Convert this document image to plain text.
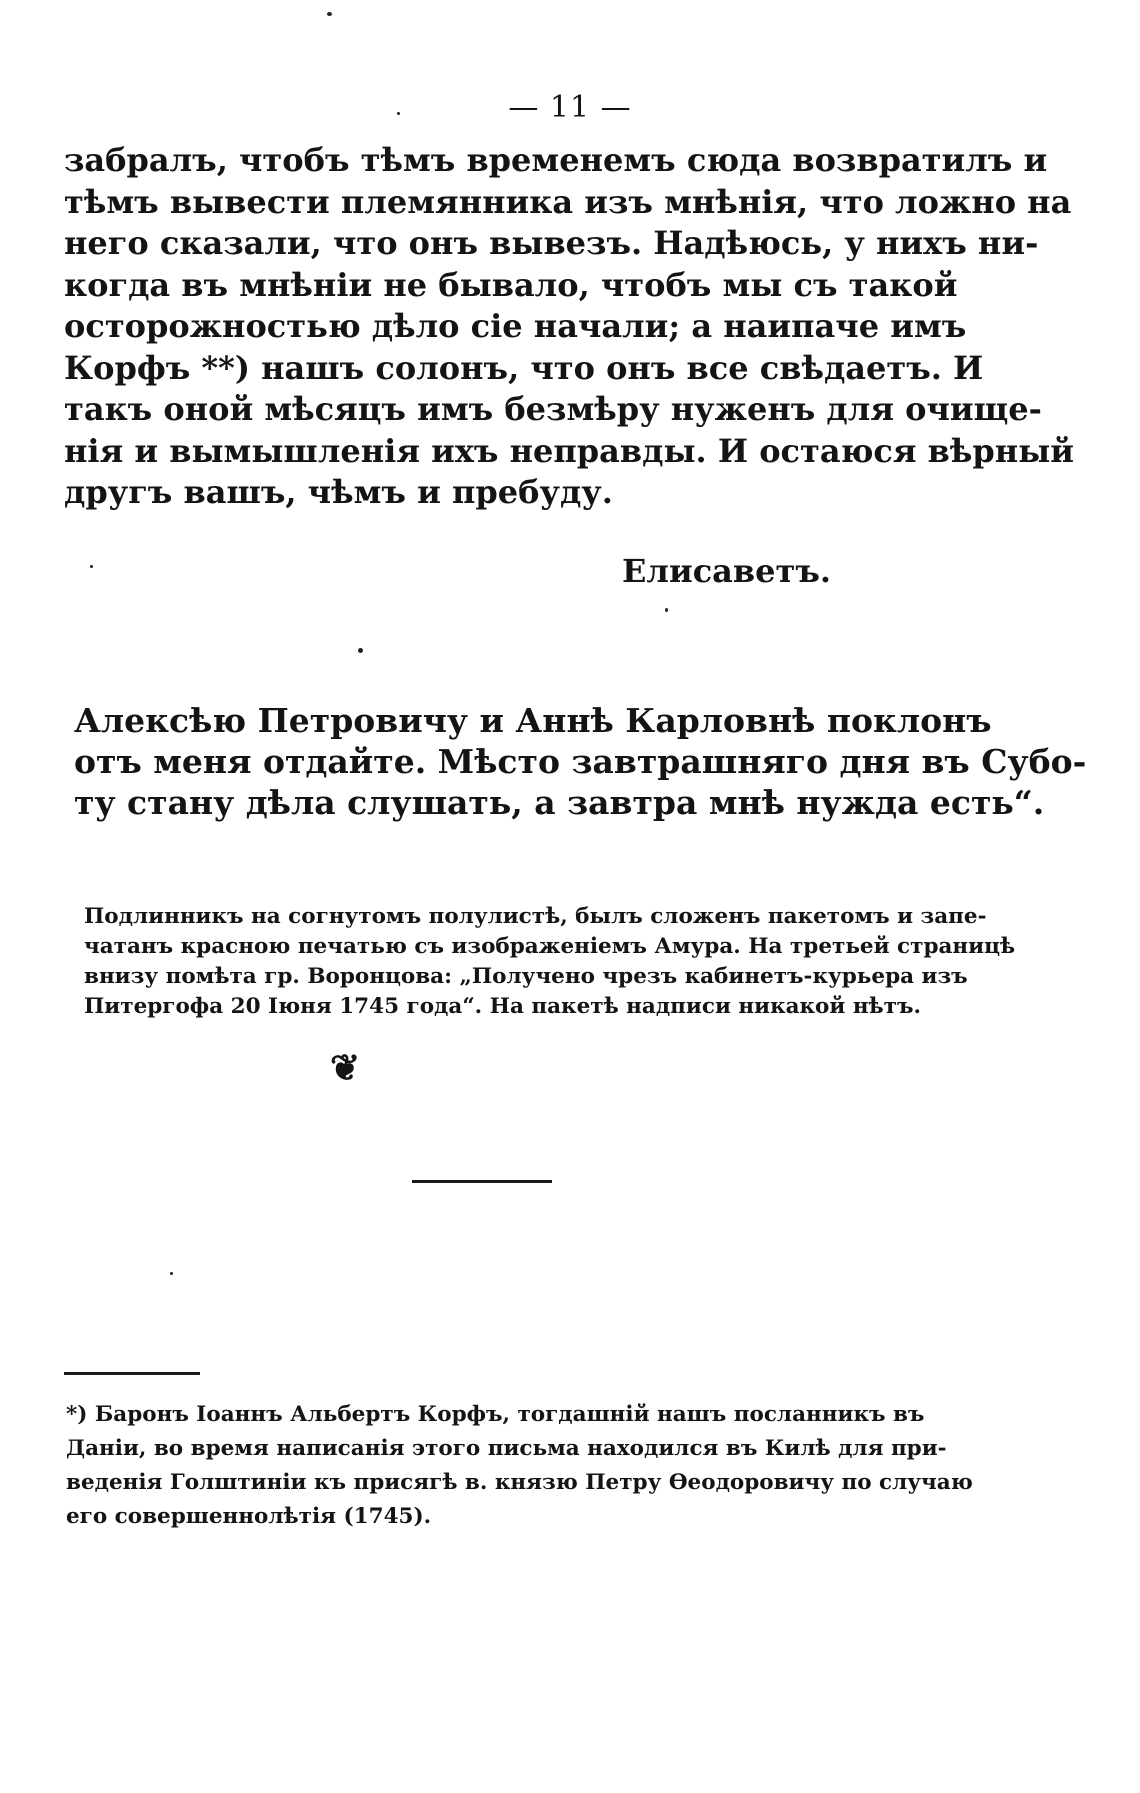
— 11 —
забралъ, чтобъ тѣмъ временемъ сюда возвратилъ и
тѣмъ вывести племянника изъ мнѣнія, что ложно на
него сказали, что онъ вывезъ. Надѣюсь, у нихъ ни-
когда въ мнѣніи не бывало, чтобъ мы съ такой
осторожностью дѣло сіе начали; а наипаче имъ
Корфъ **) нашъ солонъ, что онъ все свѣдаетъ. И
такъ оной мѣсяцъ имъ безмѣру нуженъ для очище-
нія и вымышленія ихъ неправды. И остаюся вѣрный
другъ вашъ, чѣмъ и пребуду.
Елисаветъ.
Алексѣю Петровичу и Аннѣ Карловнѣ поклонъ
отъ меня отдайте. Мѣсто завтрашняго дня въ Субо-
ту стану дѣла слушать, а завтра мнѣ нужда есть“.
Подлинникъ на согнутомъ полулистѣ, былъ сложенъ пакетомъ и запе-
чатанъ красною печатью съ изображеніемъ Амура. На третьей страницѣ
внизу помѣта гр. Воронцова: „Получено чрезъ кабинетъ-курьера изъ
Питергофа 20 Іюня 1745 года“. На пакетѣ надписи никакой нѣтъ.
❦
*) Баронъ Іоаннъ Альбертъ Корфъ, тогдашній нашъ посланникъ въ
Даніи, во время написанія этого письма находился въ Килѣ для при-
веденія Голштиніи къ присягѣ в. князю Петру Ѳеодоровичу по случаю
его совершеннолѣтія (1745).
